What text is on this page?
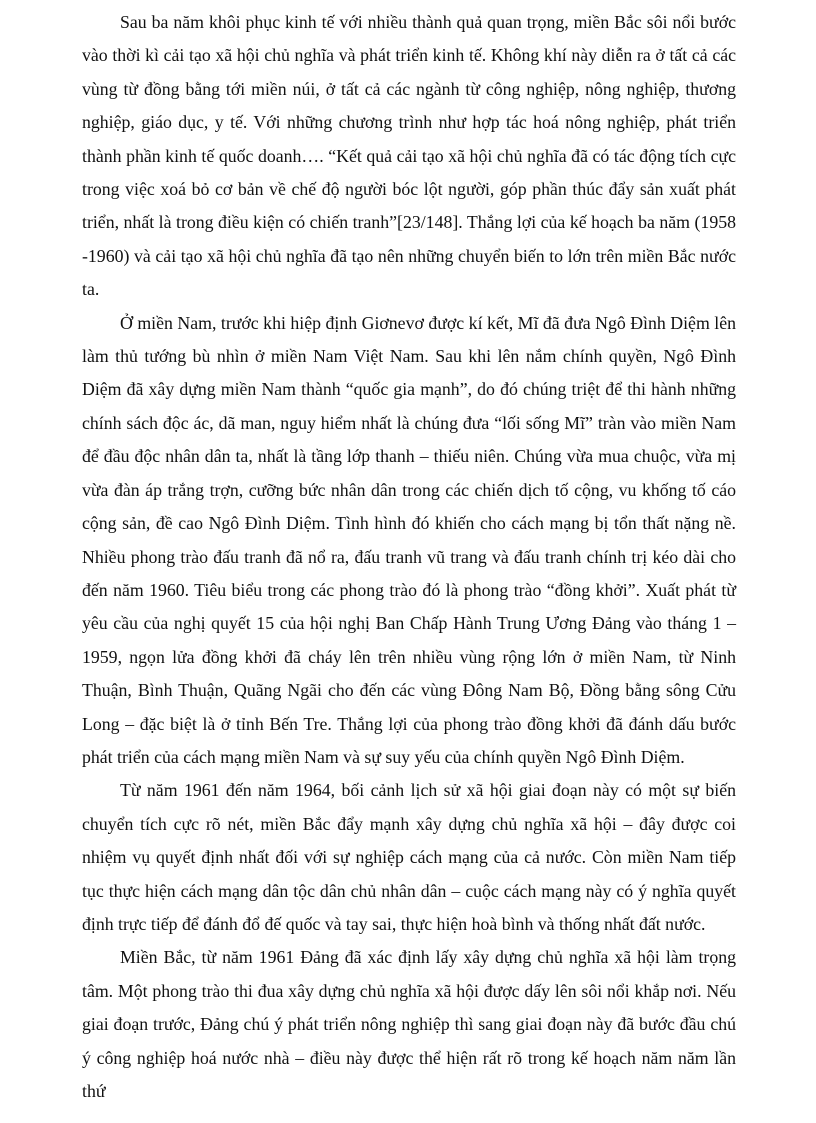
Sau ba năm khôi phục kinh tế với nhiều thành quả quan trọng, miền Bắc sôi nổi bước vào thời kì cải tạo xã hội chủ nghĩa và phát triển kinh tế. Không khí này diễn ra ở tất cả các vùng từ đồng bằng tới miền núi, ở tất cả các ngành từ công nghiệp, nông nghiệp, thương nghiệp, giáo dục, y tế. Với những chương trình như hợp tác hoá nông nghiệp, phát triển thành phần kinh tế quốc doanh…. “Kết quả cải tạo xã hội chủ nghĩa đã có tác động tích cực trong việc xoá bỏ cơ bản về chế độ người bóc lột người, góp phần thúc đẩy sản xuất phát triển, nhất là trong điều kiện có chiến tranh”[23/148]. Thắng lợi của kế hoạch ba năm (1958 -1960) và cải tạo xã hội chủ nghĩa đã tạo nên những chuyển biến to lớn trên miền Bắc nước ta.

Ở miền Nam, trước khi hiệp định Giơnevơ được kí kết, Mĩ đã đưa Ngô Đình Diệm lên làm thủ tướng bù nhìn ở miền Nam Việt Nam. Sau khi lên nắm chính quyền, Ngô Đình Diệm đã xây dựng miền Nam thành “quốc gia mạnh”, do đó chúng triệt để thi hành những chính sách độc ác, dã man, nguy hiểm nhất là chúng đưa “lối sống Mĩ” tràn vào miền Nam để đầu độc nhân dân ta, nhất là tầng lớp thanh – thiếu niên. Chúng vừa mua chuộc, vừa mị vừa đàn áp trắng trợn, cưỡng bức nhân dân trong các chiến dịch tố cộng, vu khống tố cáo cộng sản, đề cao Ngô Đình Diệm. Tình hình đó khiến cho cách mạng bị tổn thất nặng nề. Nhiều phong trào đấu tranh đã nổ ra, đấu tranh vũ trang và đấu tranh chính trị kéo dài cho đến năm 1960. Tiêu biểu trong các phong trào đó là phong trào “đồng khởi”. Xuất phát từ yêu cầu của nghị quyết 15 của hội nghị Ban Chấp Hành Trung Ương Đảng vào tháng 1 – 1959, ngọn lửa đồng khởi đã cháy lên trên nhiều vùng rộng lớn ở miền Nam, từ Ninh Thuận, Bình Thuận, Quãng Ngãi cho đến các vùng Đông Nam Bộ, Đồng bằng sông Cửu Long – đặc biệt là ở tỉnh Bến Tre. Thắng lợi của phong trào đồng khởi đã đánh dấu bước phát triển của cách mạng miền Nam và sự suy yếu của chính quyền Ngô Đình Diệm.

Từ năm 1961 đến năm 1964, bối cảnh lịch sử xã hội giai đoạn này có một sự biến chuyển tích cực rõ nét, miền Bắc đẩy mạnh xây dựng chủ nghĩa xã hội – đây được coi nhiệm vụ quyết định nhất đối với sự nghiệp cách mạng của cả nước. Còn miền Nam tiếp tục thực hiện cách mạng dân tộc dân chủ nhân dân – cuộc cách mạng này có ý nghĩa quyết định trực tiếp để đánh đổ đế quốc và tay sai, thực hiện hoà bình và thống nhất đất nước.

Miền Bắc, từ năm 1961 Đảng đã xác định lấy xây dựng chủ nghĩa xã hội làm trọng tâm. Một phong trào thi đua xây dựng chủ nghĩa xã hội được dấy lên sôi nổi khắp nơi. Nếu giai đoạn trước, Đảng chú ý phát triển nông nghiệp thì sang giai đoạn này đã bước đầu chú ý công nghiệp hoá nước nhà – điều này được thể hiện rất rõ trong kế hoạch năm năm lần thứ
